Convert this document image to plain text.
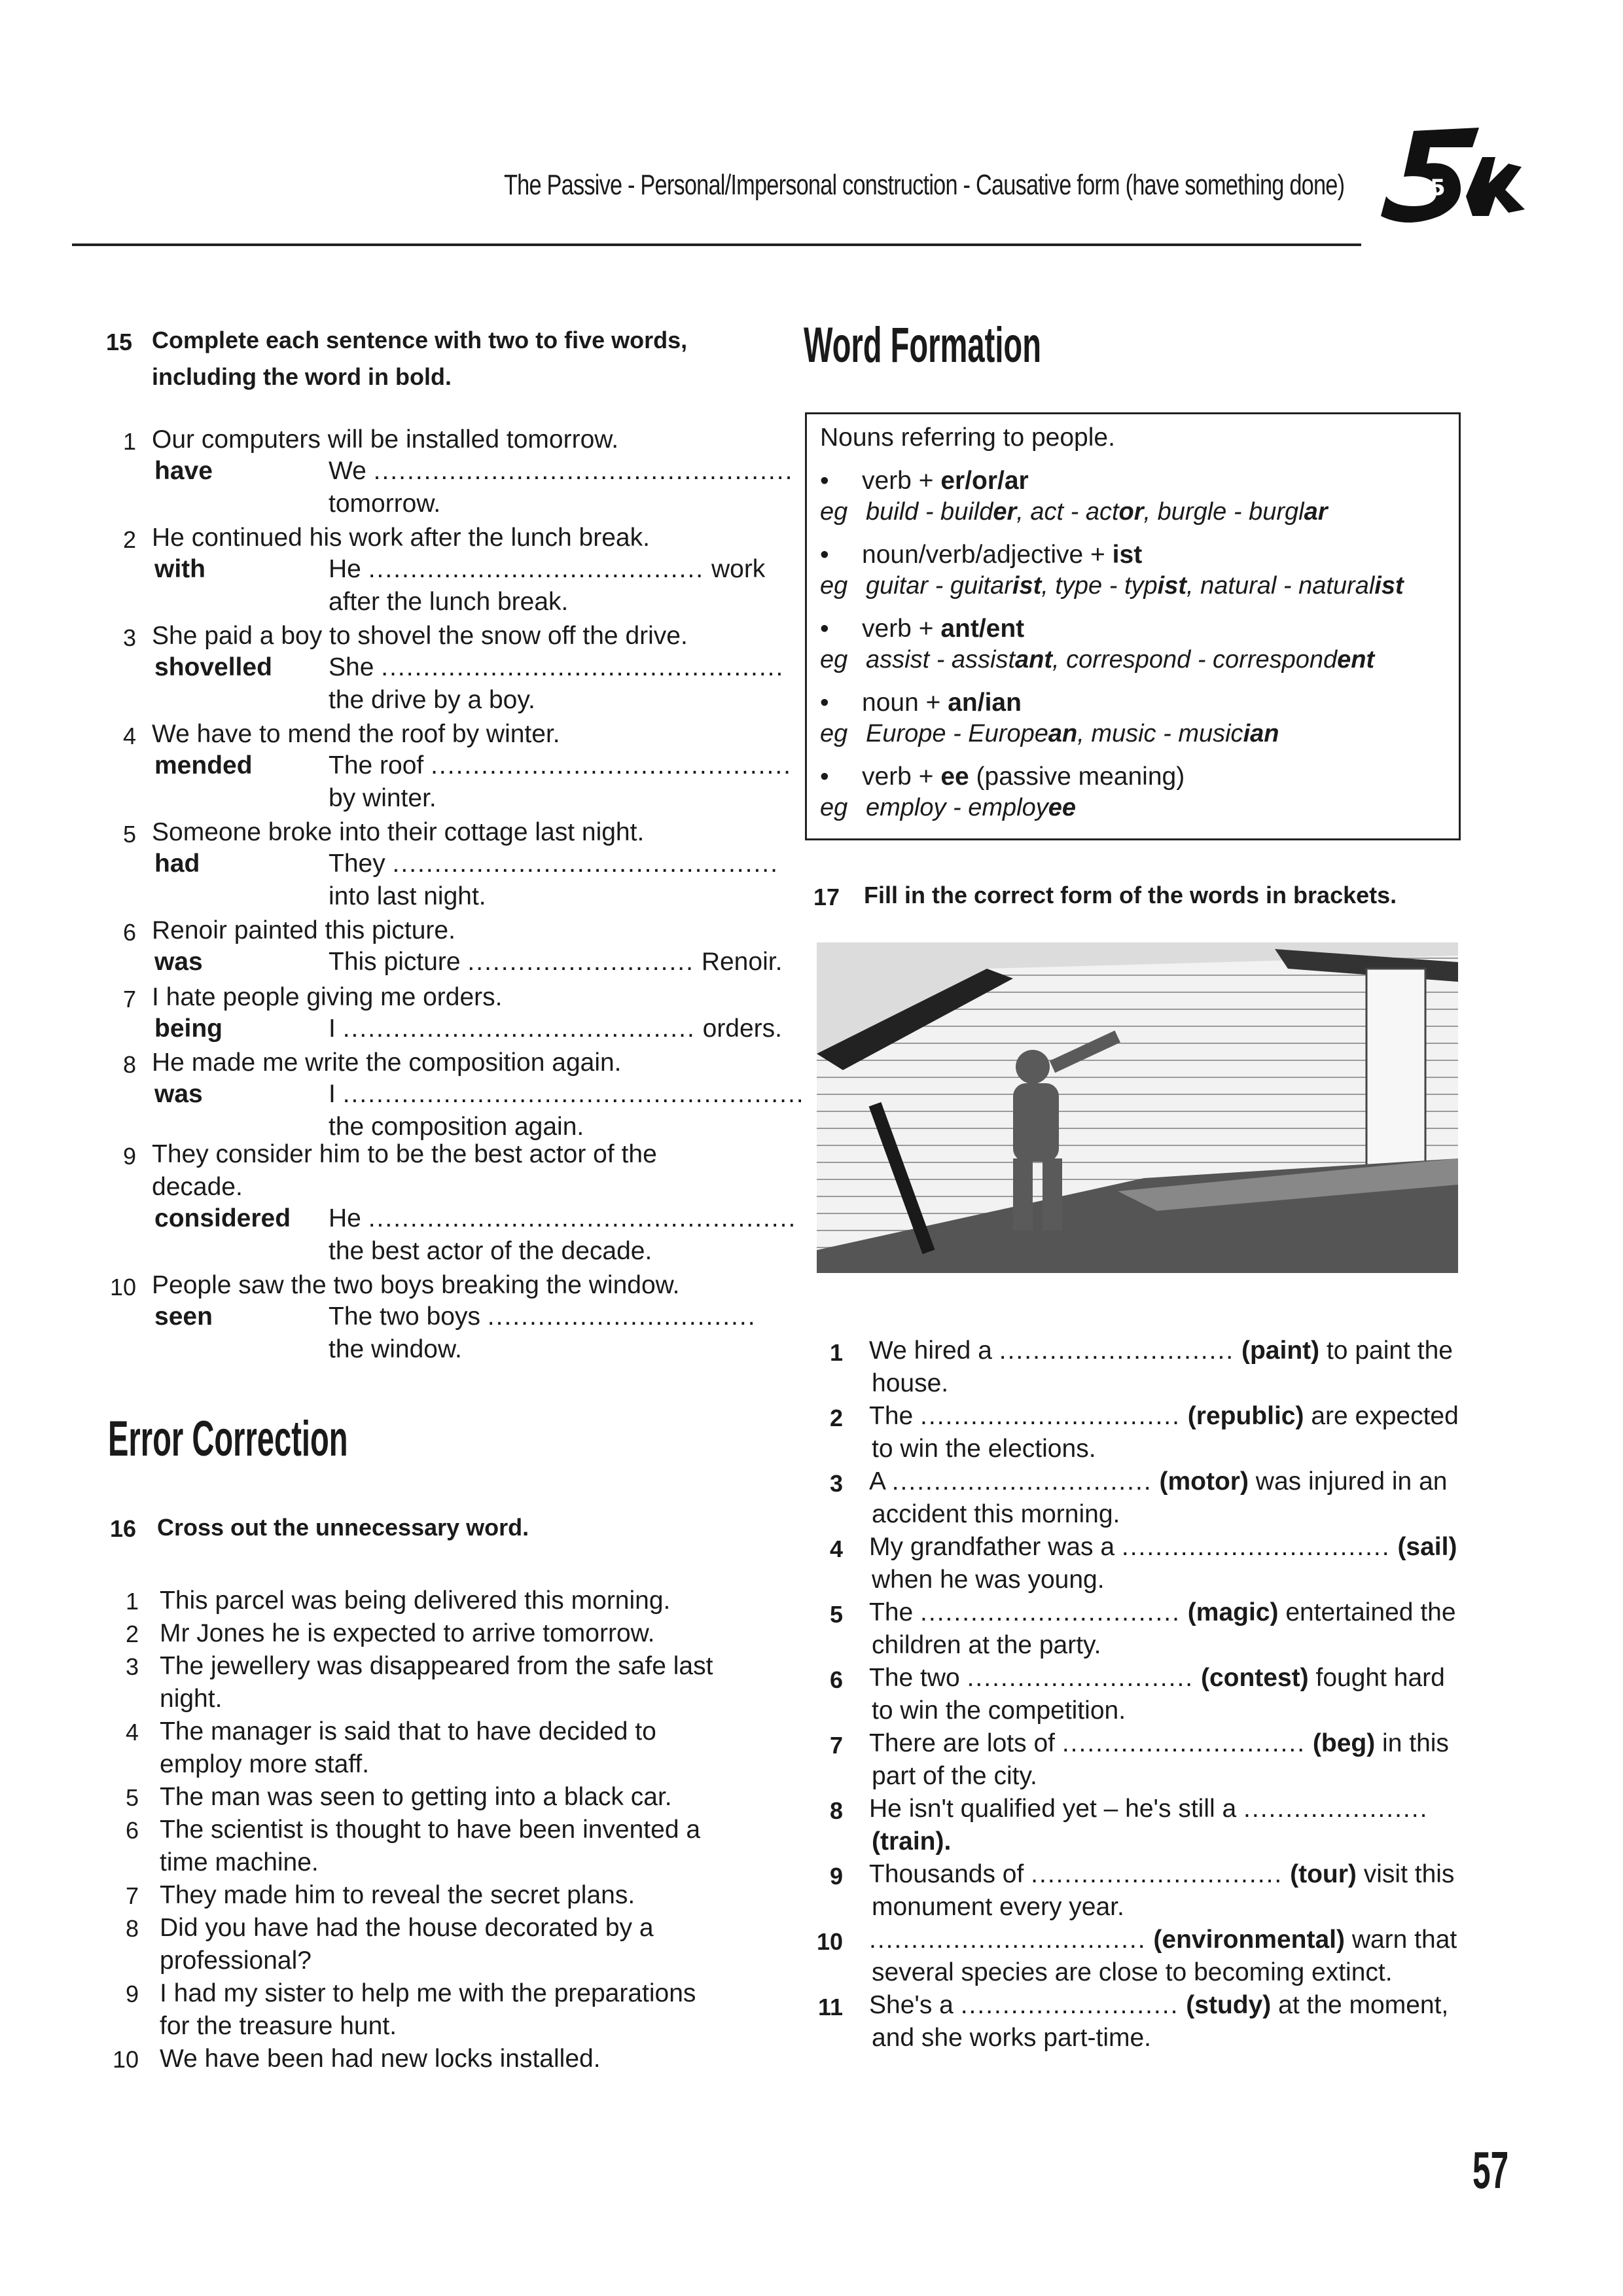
The Passive - Personal/Impersonal construction - Causative form (have something done)	5
15 Complete each sentence with two to five words,
including the word in bold.
1 Our computers will be installed tomorrow.
have	We ..................................................
tomorrow.
2 He continued his work after the lunch break.
with	He ........................................ work
after the lunch break.
3 She paid a boy to shovel the snow off the drive.
shovelled She ................................................
the drive by a boy.
4 We have to mend the roof by winter.
mended	The roof ...........................................
by winter.
5 Someone broke into their cottage last night.
had	They ..............................................
into last night.
6 Renoir painted this picture.
was	This picture ........................... Renoir.
7 I hate people giving me orders.
being	I .......................................... orders.
8 He made me write the composition again.
was	I .......................................................
the composition again.
9 They consider him to be the best actor of the
decade.
considered He ...................................................
the best actor of the decade.
10 People saw the two boys breaking the window.
seen	The two boys ................................
the window.
Error Correction
16 Cross out the unnecessary word.
1 This parcel was being delivered this morning.
2 Mr Jones he is expected to arrive tomorrow.
3 The jewellery was disappeared from the safe last
night.
4 The manager is said that to have decided to
employ more staff.
5 The man was seen to getting into a black car.
6 The scientist is thought to have been invented a
time machine.
7 They made him to reveal the secret plans.
8 Did you have had the house decorated by a
professional?
9 I had my sister to help me with the preparations
for the treasure hunt.
10 We have been had new locks installed.
Word Formation
Nouns referring to people.
• verb + er/or/ar
eg build - builder, act - actor, burgle - burglar
• noun/verb/adjective + ist
eg guitar - guitarist, type - typist, natural - naturalist
• verb + ant/ent
eg assist - assistant, correspond - correspondent
• noun + an/ian
eg Europe - European, music - musician
• verb + ee (passive meaning)
eg employ - employee
17 Fill in the correct form of the words in brackets.
1 We hired a ............................ (paint) to paint the
house.
2 The ............................... (republic) are expected
to win the elections.
3 A ............................... (motor) was injured in an
accident this morning.
4 My grandfather was a ................................ (sail)
when he was young.
5 The ............................... (magic) entertained the
children at the party.
6 The two ........................... (contest) fought hard
to win the competition.
7 There are lots of ............................. (beg) in this
part of the city.
8 He isn't qualified yet – he's still a ......................
(train).
9 Thousands of .............................. (tour) visit this
monument every year.
10 ................................. (environmental) warn that
several species are close to becoming extinct.
11 She's a .......................... (study) at the moment,
and she works part-time.
57
